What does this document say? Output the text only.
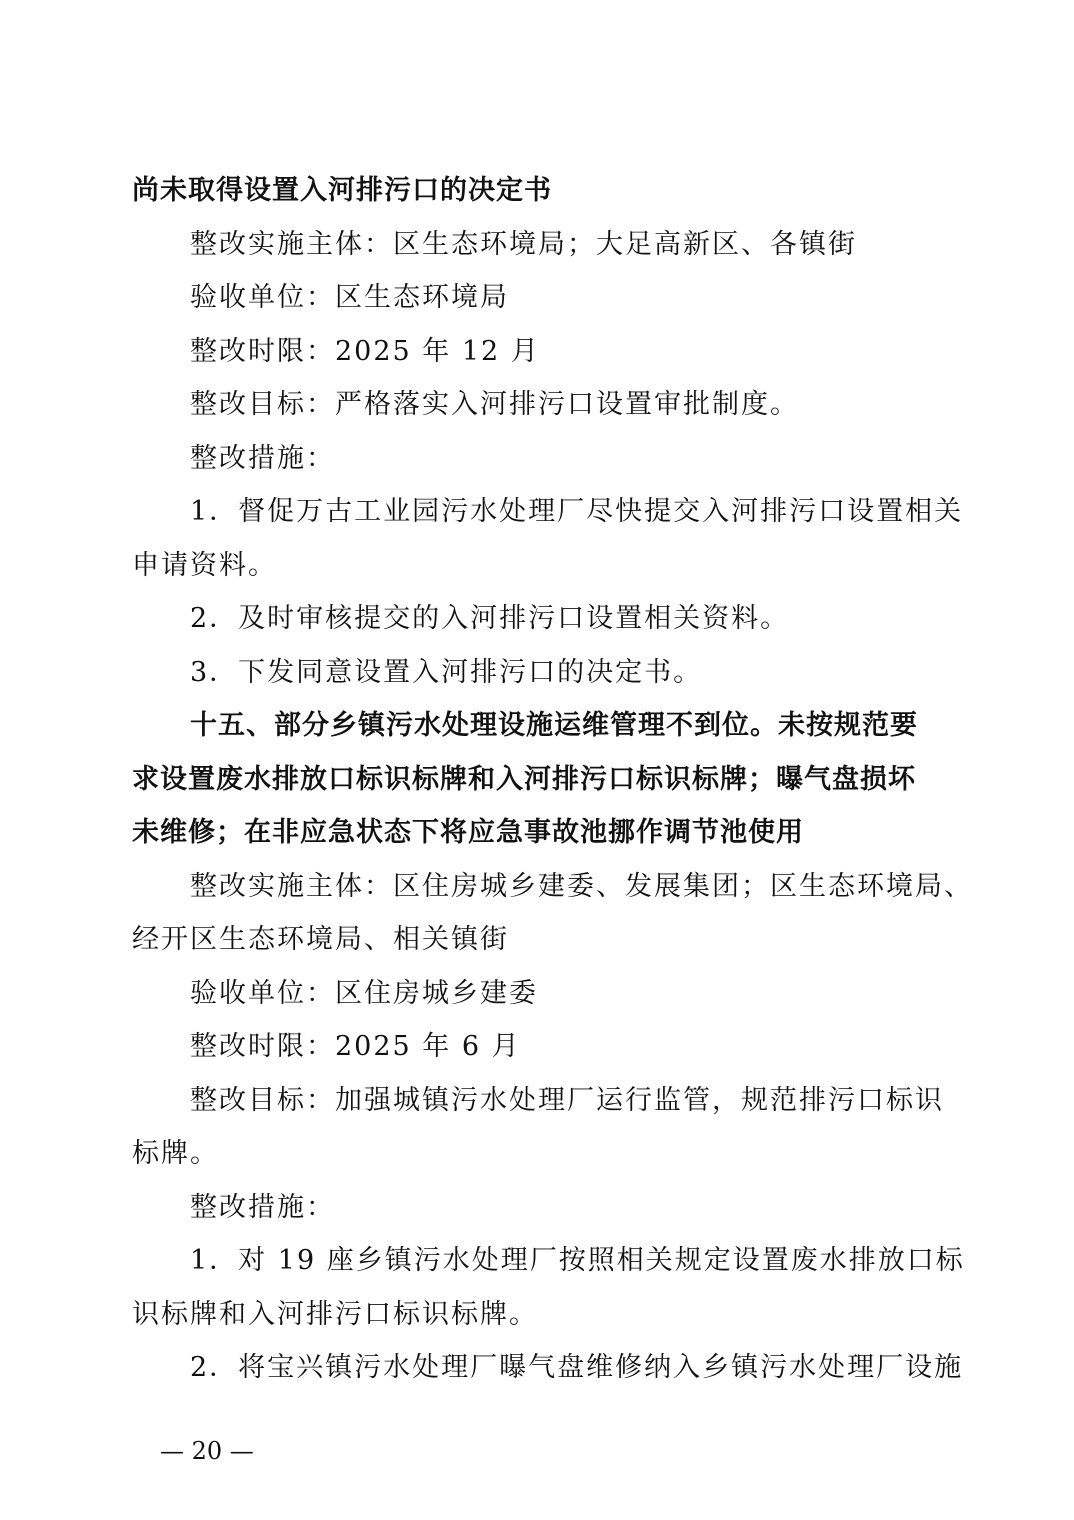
尚未取得设置入河排污口的决定书
整改实施主体：区生态环境局；大足高新区、各镇街
验收单位：区生态环境局
整改时限：2025 年 12 月
整改目标：严格落实入河排污口设置审批制度。
整改措施：
1．督促万古工业园污水处理厂尽快提交入河排污口设置相关
申请资料。
2．及时审核提交的入河排污口设置相关资料。
3．下发同意设置入河排污口的决定书。
十五、部分乡镇污水处理设施运维管理不到位。未按规范要
求设置废水排放口标识标牌和入河排污口标识标牌；曝气盘损坏
未维修；在非应急状态下将应急事故池挪作调节池使用
整改实施主体：区住房城乡建委、发展集团；区生态环境局、
经开区生态环境局、相关镇街
验收单位：区住房城乡建委
整改时限：2025 年 6 月
整改目标：加强城镇污水处理厂运行监管，规范排污口标识
标牌。
整改措施：
1．对 19 座乡镇污水处理厂按照相关规定设置废水排放口标
识标牌和入河排污口标识标牌。
2．将宝兴镇污水处理厂曝气盘维修纳入乡镇污水处理厂设施
— 20 —
